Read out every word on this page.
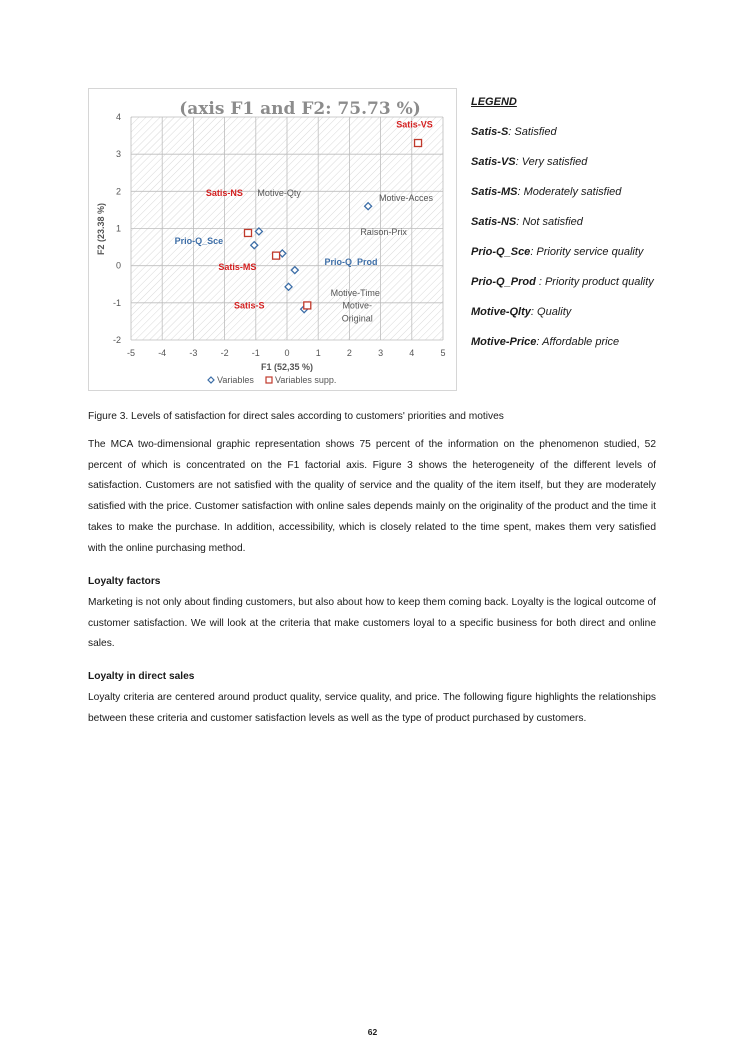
-5	-4	-3	-2	-1	0	1	2	3	4	5
-2
-1
0
1
2
3
4	(axis F1 and F2: 75.73 %)
F1 (52,35 %)
F2 (23.38 %)
Satis-VS
Satis-NS Motive-Qty
Motive-Acces
Raison-Prix
Prio-Q_Sce
Prio-Q_Prod
Satis-MS
Motive-Time
Satis-S	Motive-
Original
Variables Variables supp.
LEGEND
Satis-S: Satisfied
Satis-VS: Very satisfied
Satis-MS: Moderately satisfied
Satis-NS: Not satisfied
Prio-Q_Sce: Priority service quality
Prio-Q_Prod : Priority product quality
Motive-Qlty: Quality
Motive-Price: Affordable price
Figure 3. Levels of satisfaction for direct sales according to customers' priorities and motives

The MCA two-dimensional graphic representation shows 75 percent of the information on the phenomenon studied, 52 percent of which is concentrated on the F1 factorial axis. Figure 3 shows the heterogeneity of the different levels of satisfaction. Customers are not satisfied with the quality of service and the quality of the item itself, but they are moderately satisfied with the price. Customer satisfaction with online sales depends mainly on the originality of the product and the time it takes to make the purchase. In addition, accessibility, which is closely related to the time spent, makes them very satisfied with the online purchasing method.

Loyalty factors

Marketing is not only about finding customers, but also about how to keep them coming back. Loyalty is the logical outcome of customer satisfaction. We will look at the criteria that make customers loyal to a specific business for both direct and online sales.

Loyalty in direct sales

Loyalty criteria are centered around product quality, service quality, and price. The following figure highlights the relationships between these criteria and customer satisfaction levels as well as the type of product purchased by customers.

62
